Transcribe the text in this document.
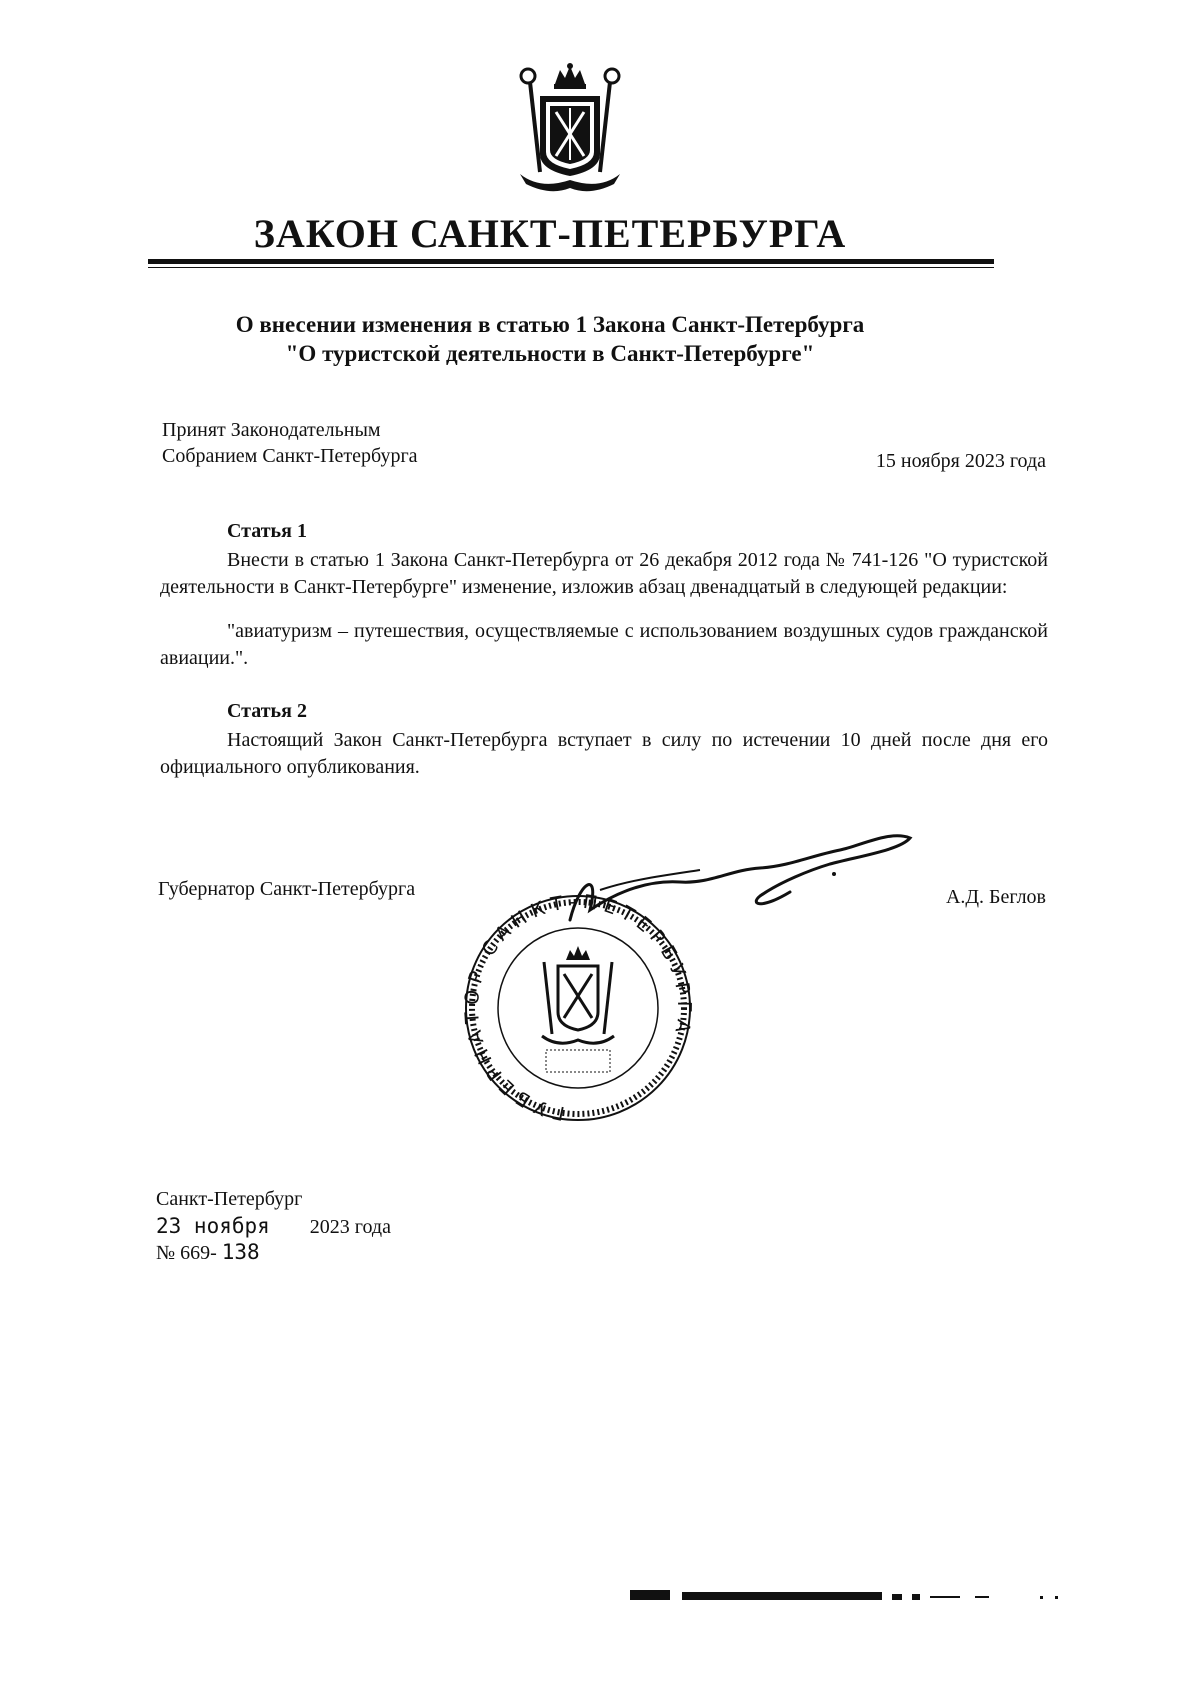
ЗАКОН САНКТ-ПЕТЕРБУРГА
О внесении изменения в статью 1 Закона Санкт-Петербурга
"О туристской деятельности в Санкт-Петербурге"
Принят Законодательным
Собранием Санкт-Петербурга	15 ноября 2023 года
Статья 1
Внести в статью 1 Закона Санкт-Петербурга от 26 декабря 2012 года № 741-126 "О туристской деятельности в Санкт-Петербурге" изменение, изложив абзац двенадцатый в следующей редакции:
"авиатуризм – путешествия, осуществляемые с использованием воздушных судов гражданской авиации.".
Статья 2
Настоящий Закон Санкт-Петербурга вступает в силу по истечении 10 дней после дня его официального опубликования.
Губернатор Санкт-Петербурга	А.Д. Беглов
ГУБЕРНАТОР САНКТ-ПЕТЕРБУРГА
Санкт-Петербург
23 ноября 2023 года
№ 669- 138
